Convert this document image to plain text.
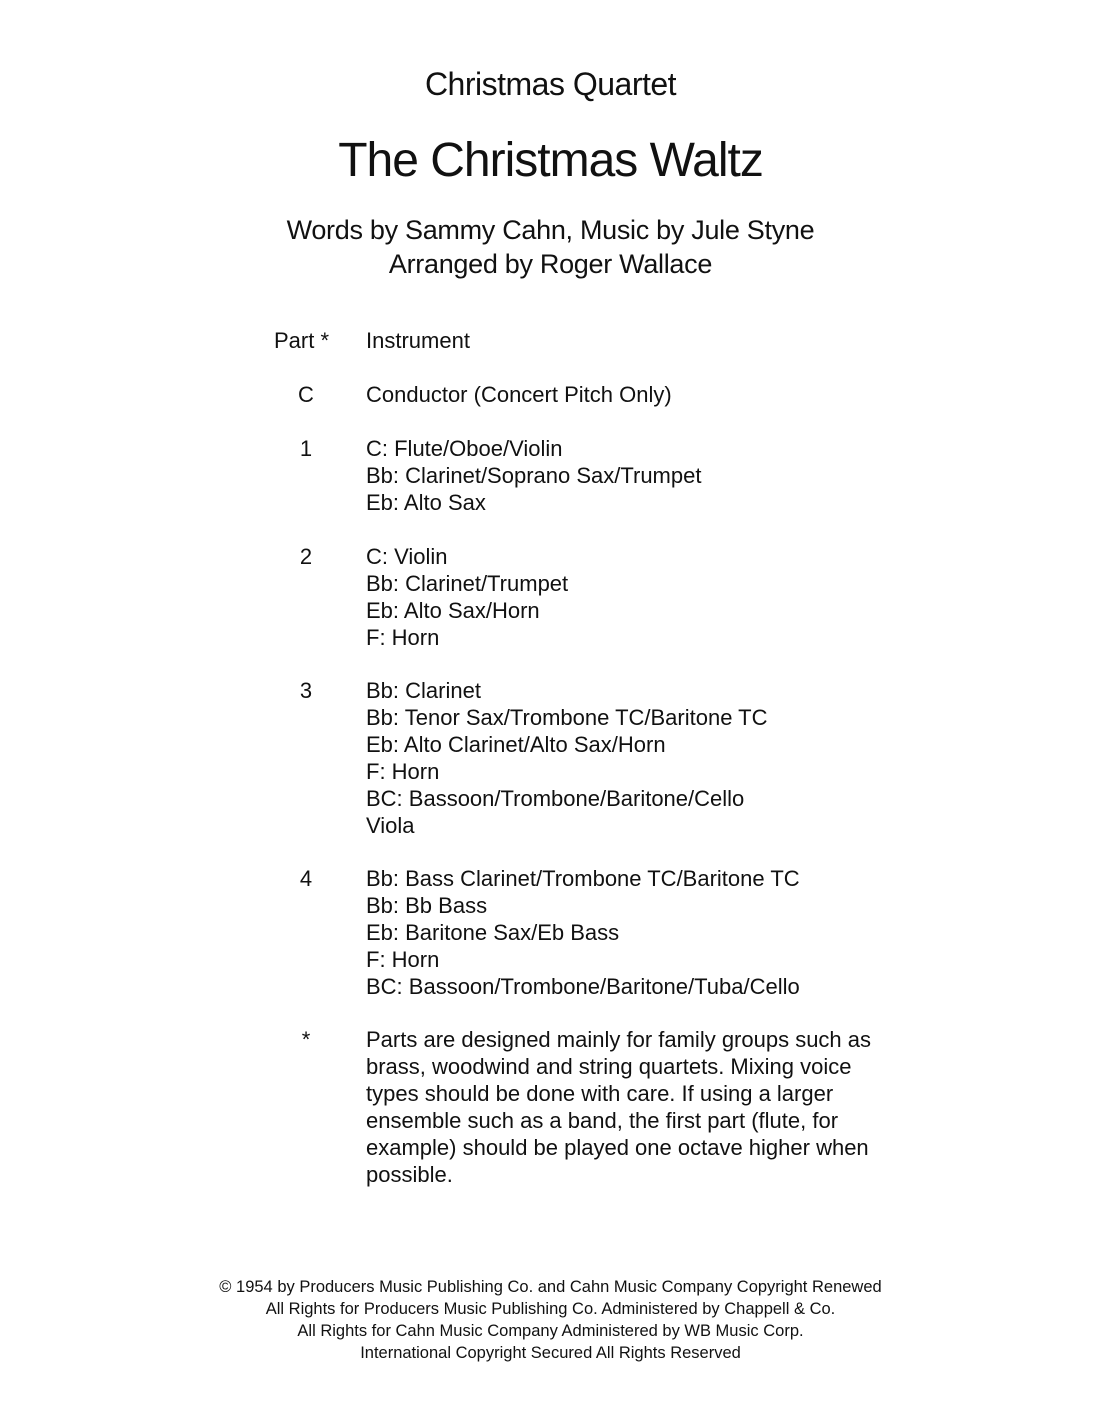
Christmas Quartet
The Christmas Waltz
Words by Sammy Cahn, Music by Jule Styne
Arranged by Roger Wallace
Part *	Instrument
C	Conductor (Concert Pitch Only)
1	C: Flute/Oboe/Violin
Bb: Clarinet/Soprano Sax/Trumpet
Eb: Alto Sax
2	C: Violin
Bb: Clarinet/Trumpet
Eb: Alto Sax/Horn
F: Horn
3	Bb: Clarinet
Bb: Tenor Sax/Trombone TC/Baritone TC
Eb: Alto Clarinet/Alto Sax/Horn
F: Horn
BC: Bassoon/Trombone/Baritone/Cello
Viola
4	Bb: Bass Clarinet/Trombone TC/Baritone TC
Bb: Bb Bass
Eb: Baritone Sax/Eb Bass
F: Horn
BC: Bassoon/Trombone/Baritone/Tuba/Cello
*	Parts are designed mainly for family groups such as
brass, woodwind and string quartets. Mixing voice
types should be done with care. If using a larger
ensemble such as a band, the first part (flute, for
example) should be played one octave higher when
possible.
© 1954 by Producers Music Publishing Co. and Cahn Music Company Copyright Renewed
All Rights for Producers Music Publishing Co. Administered by Chappell & Co.
All Rights for Cahn Music Company Administered by WB Music Corp.
International Copyright Secured All Rights Reserved
